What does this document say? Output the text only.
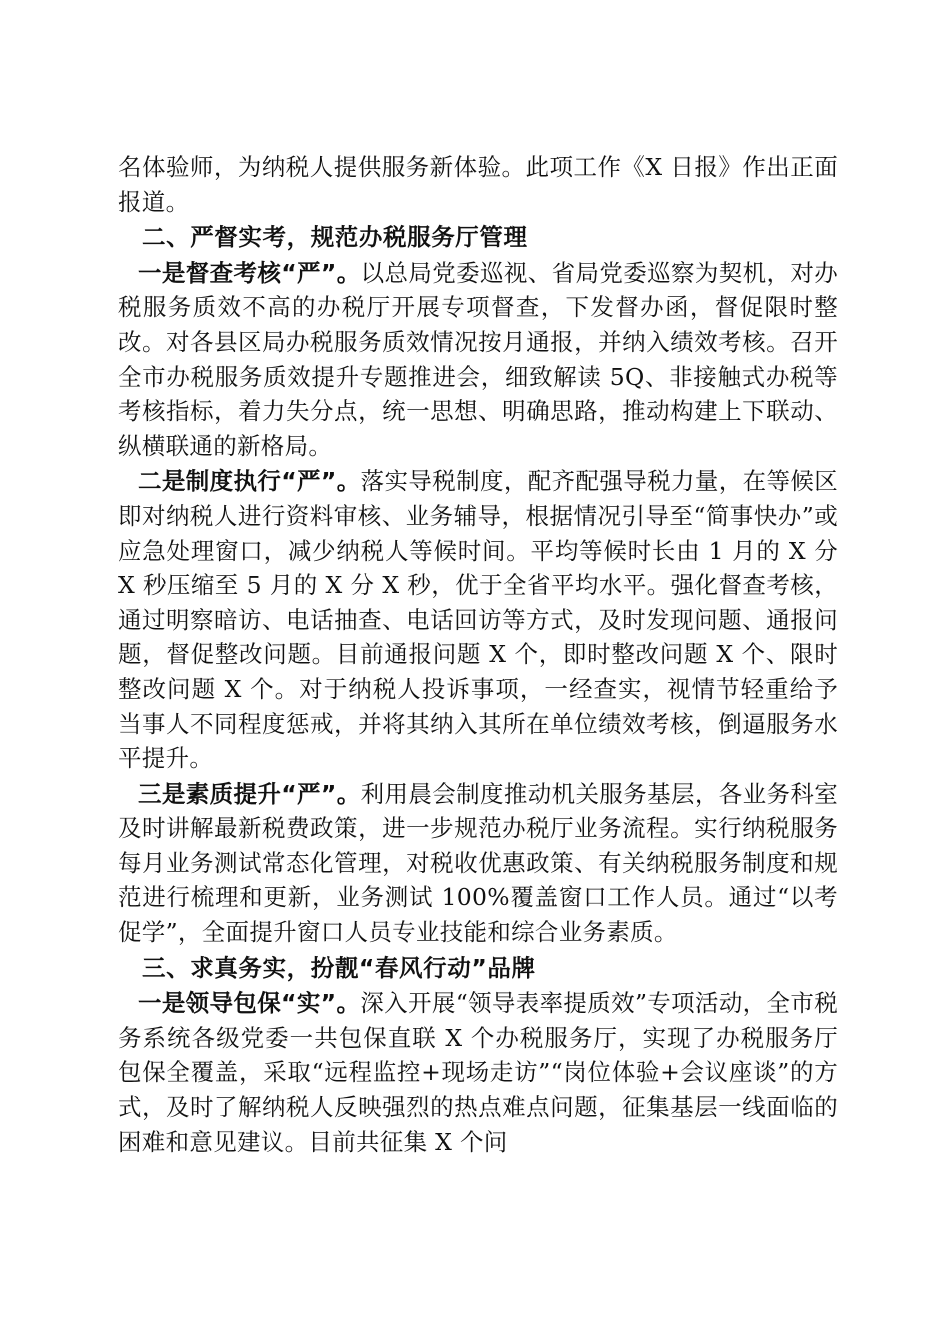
名体验师，为纳税人提供服务新体验。此项工作《X 日报》作出正面报道。

二、严督实考，规范办税服务厅管理

一是督查考核“严”。以总局党委巡视、省局党委巡察为契机，对办税服务质效不高的办税厅开展专项督查，下发督办函，督促限时整改。对各县区局办税服务质效情况按月通报，并纳入绩效考核。召开全市办税服务质效提升专题推进会，细致解读 5Q、非接触式办税等考核指标，着力失分点，统一思想、明确思路，推动构建上下联动、纵横联通的新格局。

二是制度执行“严”。落实导税制度，配齐配强导税力量，在等候区即对纳税人进行资料审核、业务辅导，根据情况引导至“简事快办”或应急处理窗口，减少纳税人等候时间。平均等候时长由 1 月的 X 分 X 秒压缩至 5 月的 X 分 X 秒，优于全省平均水平。强化督查考核，通过明察暗访、电话抽查、电话回访等方式，及时发现问题、通报问题，督促整改问题。目前通报问题 X 个，即时整改问题 X 个、限时整改问题 X 个。对于纳税人投诉事项，一经查实，视情节轻重给予当事人不同程度惩戒，并将其纳入其所在单位绩效考核，倒逼服务水平提升。

三是素质提升“严”。利用晨会制度推动机关服务基层，各业务科室及时讲解最新税费政策，进一步规范办税厅业务流程。实行纳税服务每月业务测试常态化管理，对税收优惠政策、有关纳税服务制度和规范进行梳理和更新，业务测试 100%覆盖窗口工作人员。通过“以考促学”，全面提升窗口人员专业技能和综合业务素质。

三、求真务实，扮靓“春风行动”品牌

一是领导包保“实”。深入开展“领导表率提质效”专项活动，全市税务系统各级党委一共包保直联 X 个办税服务厅，实现了办税服务厅包保全覆盖，采取“远程监控+现场走访”“岗位体验+会议座谈”的方式，及时了解纳税人反映强烈的热点难点问题，征集基层一线面临的困难和意见建议。目前共征集 X 个问
